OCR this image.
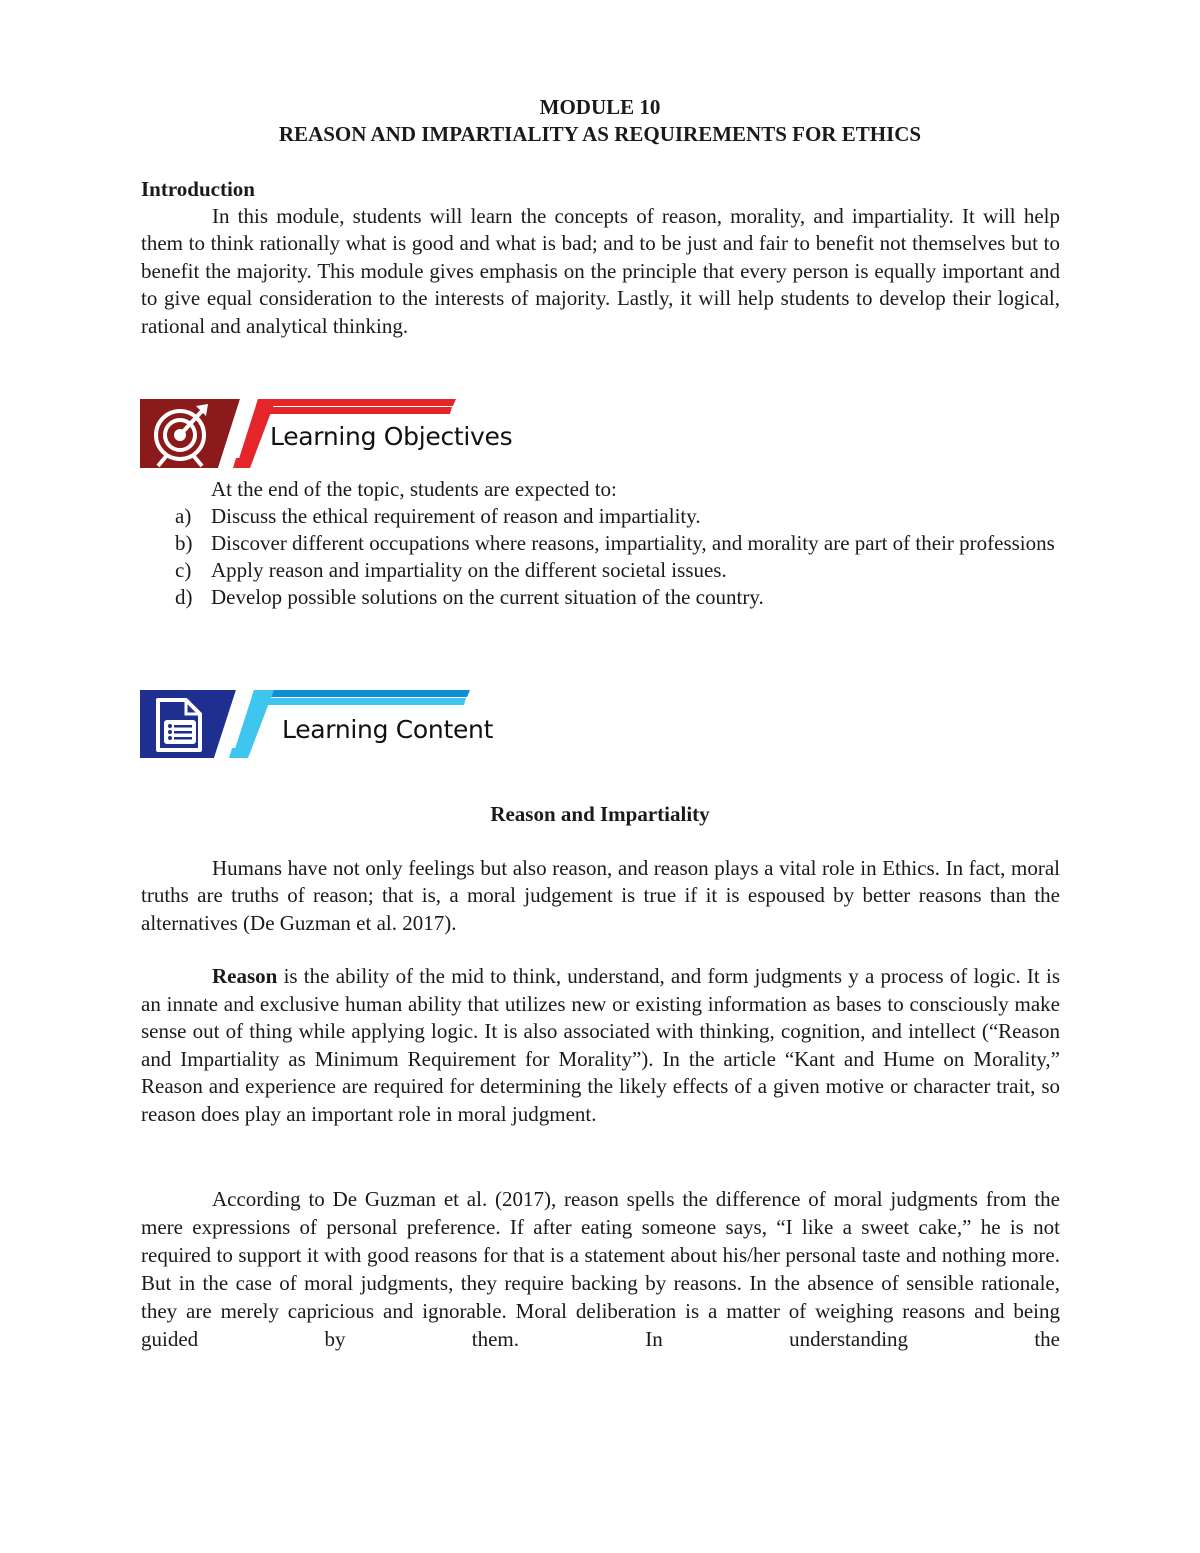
MODULE 10
REASON AND IMPARTIALITY AS REQUIREMENTS FOR ETHICS
Introduction

In this module, students will learn the concepts of reason, morality, and impartiality. It will help them to think rationally what is good and what is bad; and to be just and fair to benefit not themselves but to benefit the majority. This module gives emphasis on the principle that every person is equally important and to give equal consideration to the interests of majority. Lastly, it will help students to develop their logical, rational and analytical thinking.

Learning Objectives
At the end of the topic, students are expected to:
a) Discuss the ethical requirement of reason and impartiality.
b) Discover different occupations where reasons, impartiality, and morality are part of their professions
c) Apply reason and impartiality on the different societal issues.
d) Develop possible solutions on the current situation of the country.
Learning Content
Reason and Impartiality

Humans have not only feelings but also reason, and reason plays a vital role in Ethics. In fact, moral truths are truths of reason; that is, a moral judgement is true if it is espoused by better reasons than the alternatives (De Guzman et al. 2017).

Reason is the ability of the mid to think, understand, and form judgments y a process of logic. It is an innate and exclusive human ability that utilizes new or existing information as bases to consciously make sense out of thing while applying logic. It is also associated with thinking, cognition, and intellect (“Reason and Impartiality as Minimum Requirement for Morality”). In the article “Kant and Hume on Morality,” Reason and experience are required for determining the likely effects of a given motive or character trait, so reason does play an important role in moral judgment.

According to De Guzman et al. (2017), reason spells the difference of moral judgments from the mere expressions of personal preference. If after eating someone says, “I like a sweet cake,” he is not required to support it with good reasons for that is a statement about his/her personal taste and nothing more. But in the case of moral judgments, they require backing by reasons. In the absence of sensible rationale, they are merely capricious and ignorable. Moral deliberation is a matter of weighing reasons and being guided by them. In understanding the
